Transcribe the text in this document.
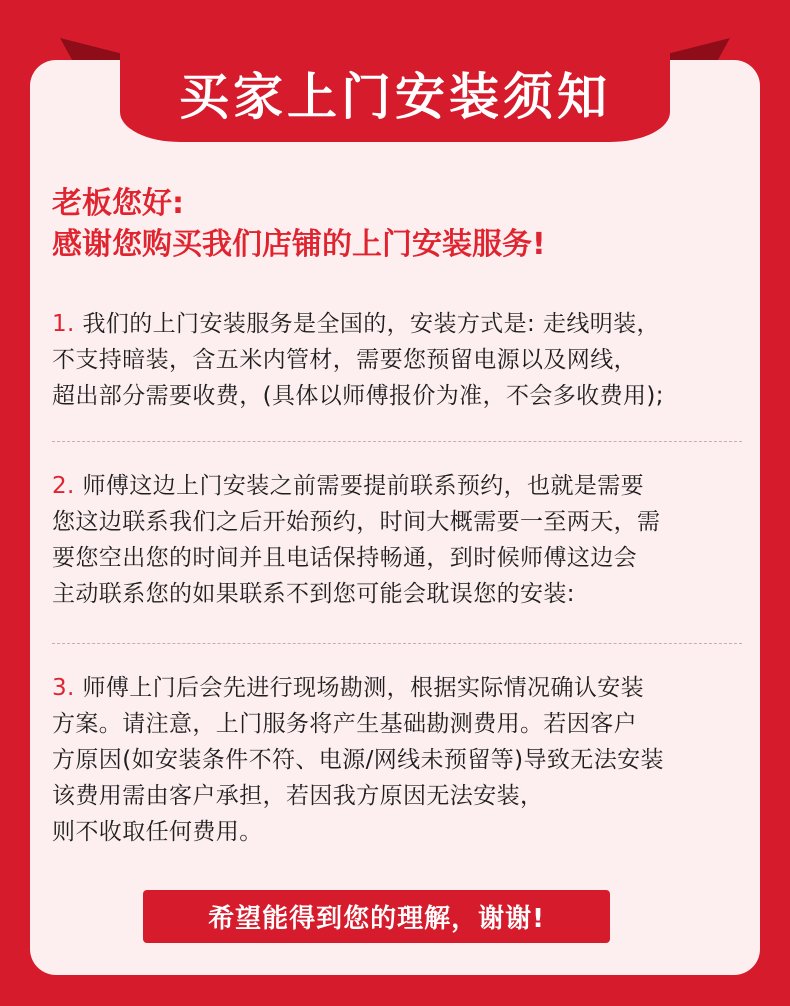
买家上门安装须知
老板您好:
感谢您购买我们店铺的上门安装服务!
1. 我们的上门安装服务是全国的，安装方式是: 走线明装，
不支持暗装，含五米内管材，需要您预留电源以及网线，
超出部分需要收费，(具体以师傅报价为准，不会多收费用);
2. 师傅这边上门安装之前需要提前联系预约，也就是需要
您这边联系我们之后开始预约，时间大概需要一至两天，需
要您空出您的时间并且电话保持畅通，到时候师傅这边会
主动联系您的如果联系不到您可能会耽误您的安装:
3. 师傅上门后会先进行现场勘测，根据实际情况确认安装
方案。请注意，上门服务将产生基础勘测费用。若因客户
方原因(如安装条件不符、电源/网线未预留等)导致无法安装
该费用需由客户承担，若因我方原因无法安装，
则不收取任何费用。
希望能得到您的理解，谢谢!
